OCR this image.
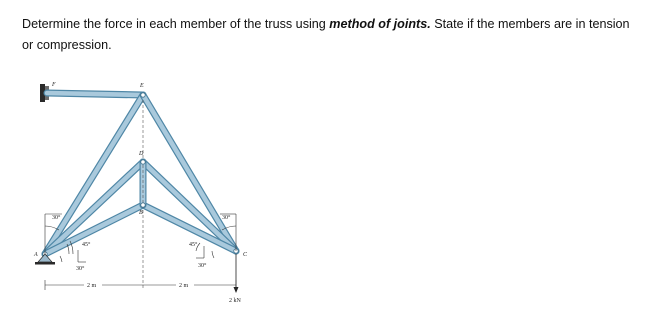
Determine the force in each member of the truss using method of joints. State if the members are in tension or compression.
F	E
D
B
A	C
30°	30°
45°	45°
30°	30°
2 m	2 m
2 kN
